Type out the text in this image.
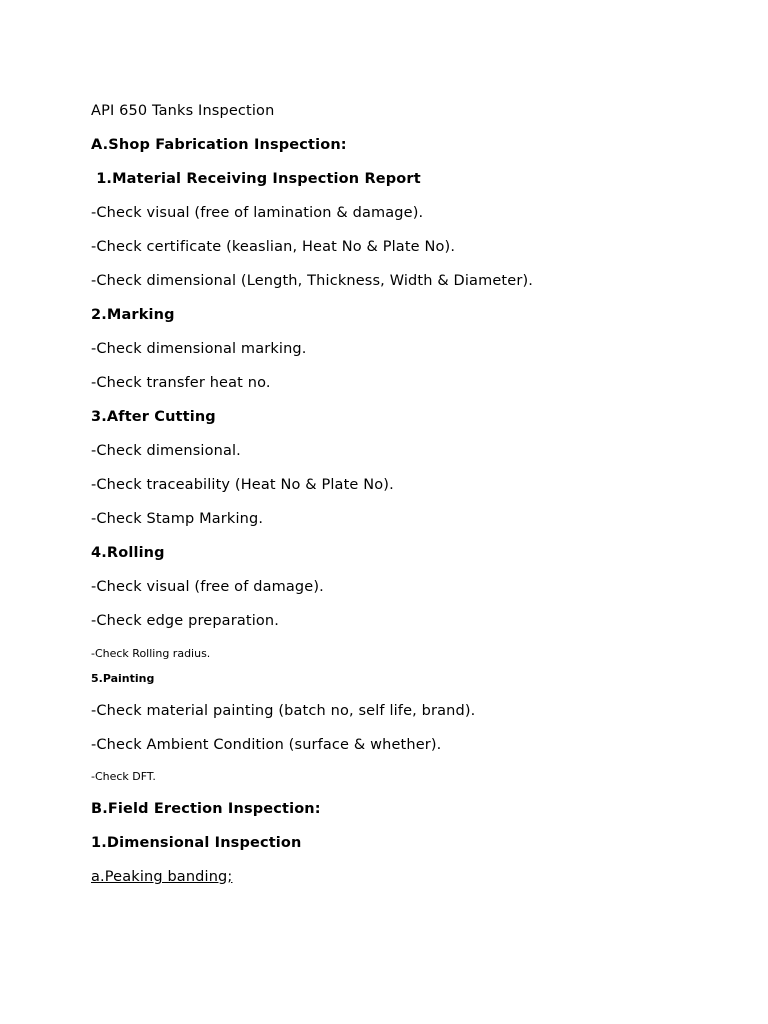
API 650 Tanks Inspection
A.Shop Fabrication Inspection:
1.Material Receiving Inspection Report
-Check visual (free of lamination & damage).
-Check certificate (keaslian, Heat No & Plate No).
-Check dimensional (Length, Thickness, Width & Diameter).
2.Marking
-Check dimensional marking.
-Check transfer heat no.
3.After Cutting
-Check dimensional.
-Check traceability (Heat No & Plate No).
-Check Stamp Marking.
4.Rolling
-Check visual (free of damage).
-Check edge preparation.
-Check Rolling radius.
5.Painting
-Check material painting (batch no, self life, brand).
-Check Ambient Condition (surface & whether).
-Check DFT.
B.Field Erection Inspection:
1.Dimensional Inspection
a.Peaking banding;
